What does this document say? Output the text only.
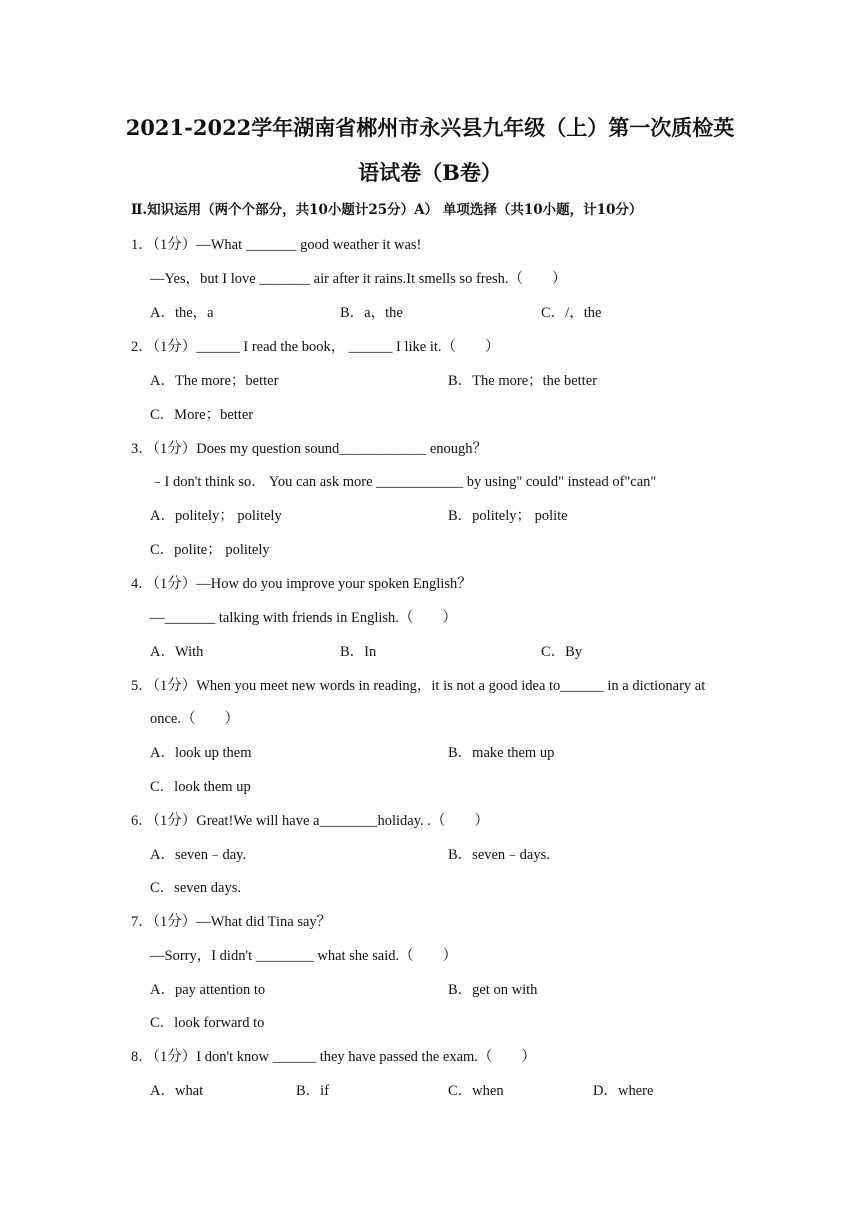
2021-2022学年湖南省郴州市永兴县九年级（上）第一次质检英
语试卷（B卷）
Ⅱ.知识运用（两个个部分，共10小题计25分）A） 单项选择（共10小题，计10分）
1．（1分）—What _______ good weather it was!
—Yes，but I love _______ air after it rains.It smells so fresh.（　　）
A．the，a	B．a，the	C．/，the
2．（1分）______ I read the book， ______ I like it.（　　）
A．The more；better	B．The more；the better
C．More；better
3．（1分）Does my question sound____________ enough？
﹣I don't think so． You can ask more ____________ by using" could" instead of"can"
A．politely； politely	B．politely； polite
C．polite； politely
4．（1分）—How do you improve your spoken English？
—_______ talking with friends in English.（　　）
A．With	B．In	C．By
5．（1分）When you meet new words in reading，it is not a good idea to______ in a dictionary at
once.（　　）
A．look up them	B．make them up
C．look them up
6．（1分）Great!We will have a________holiday. .（　　）
A．seven﹣day.	B．seven﹣days.
C．seven days.
7．（1分）—What did Tina say？
—Sorry，I didn't ________ what she said.（　　）
A．pay attention to	B．get on with
C．look forward to
8．（1分）I don't know ______ they have passed the exam.（　　）
A．what	B．if	C．when	D．where
